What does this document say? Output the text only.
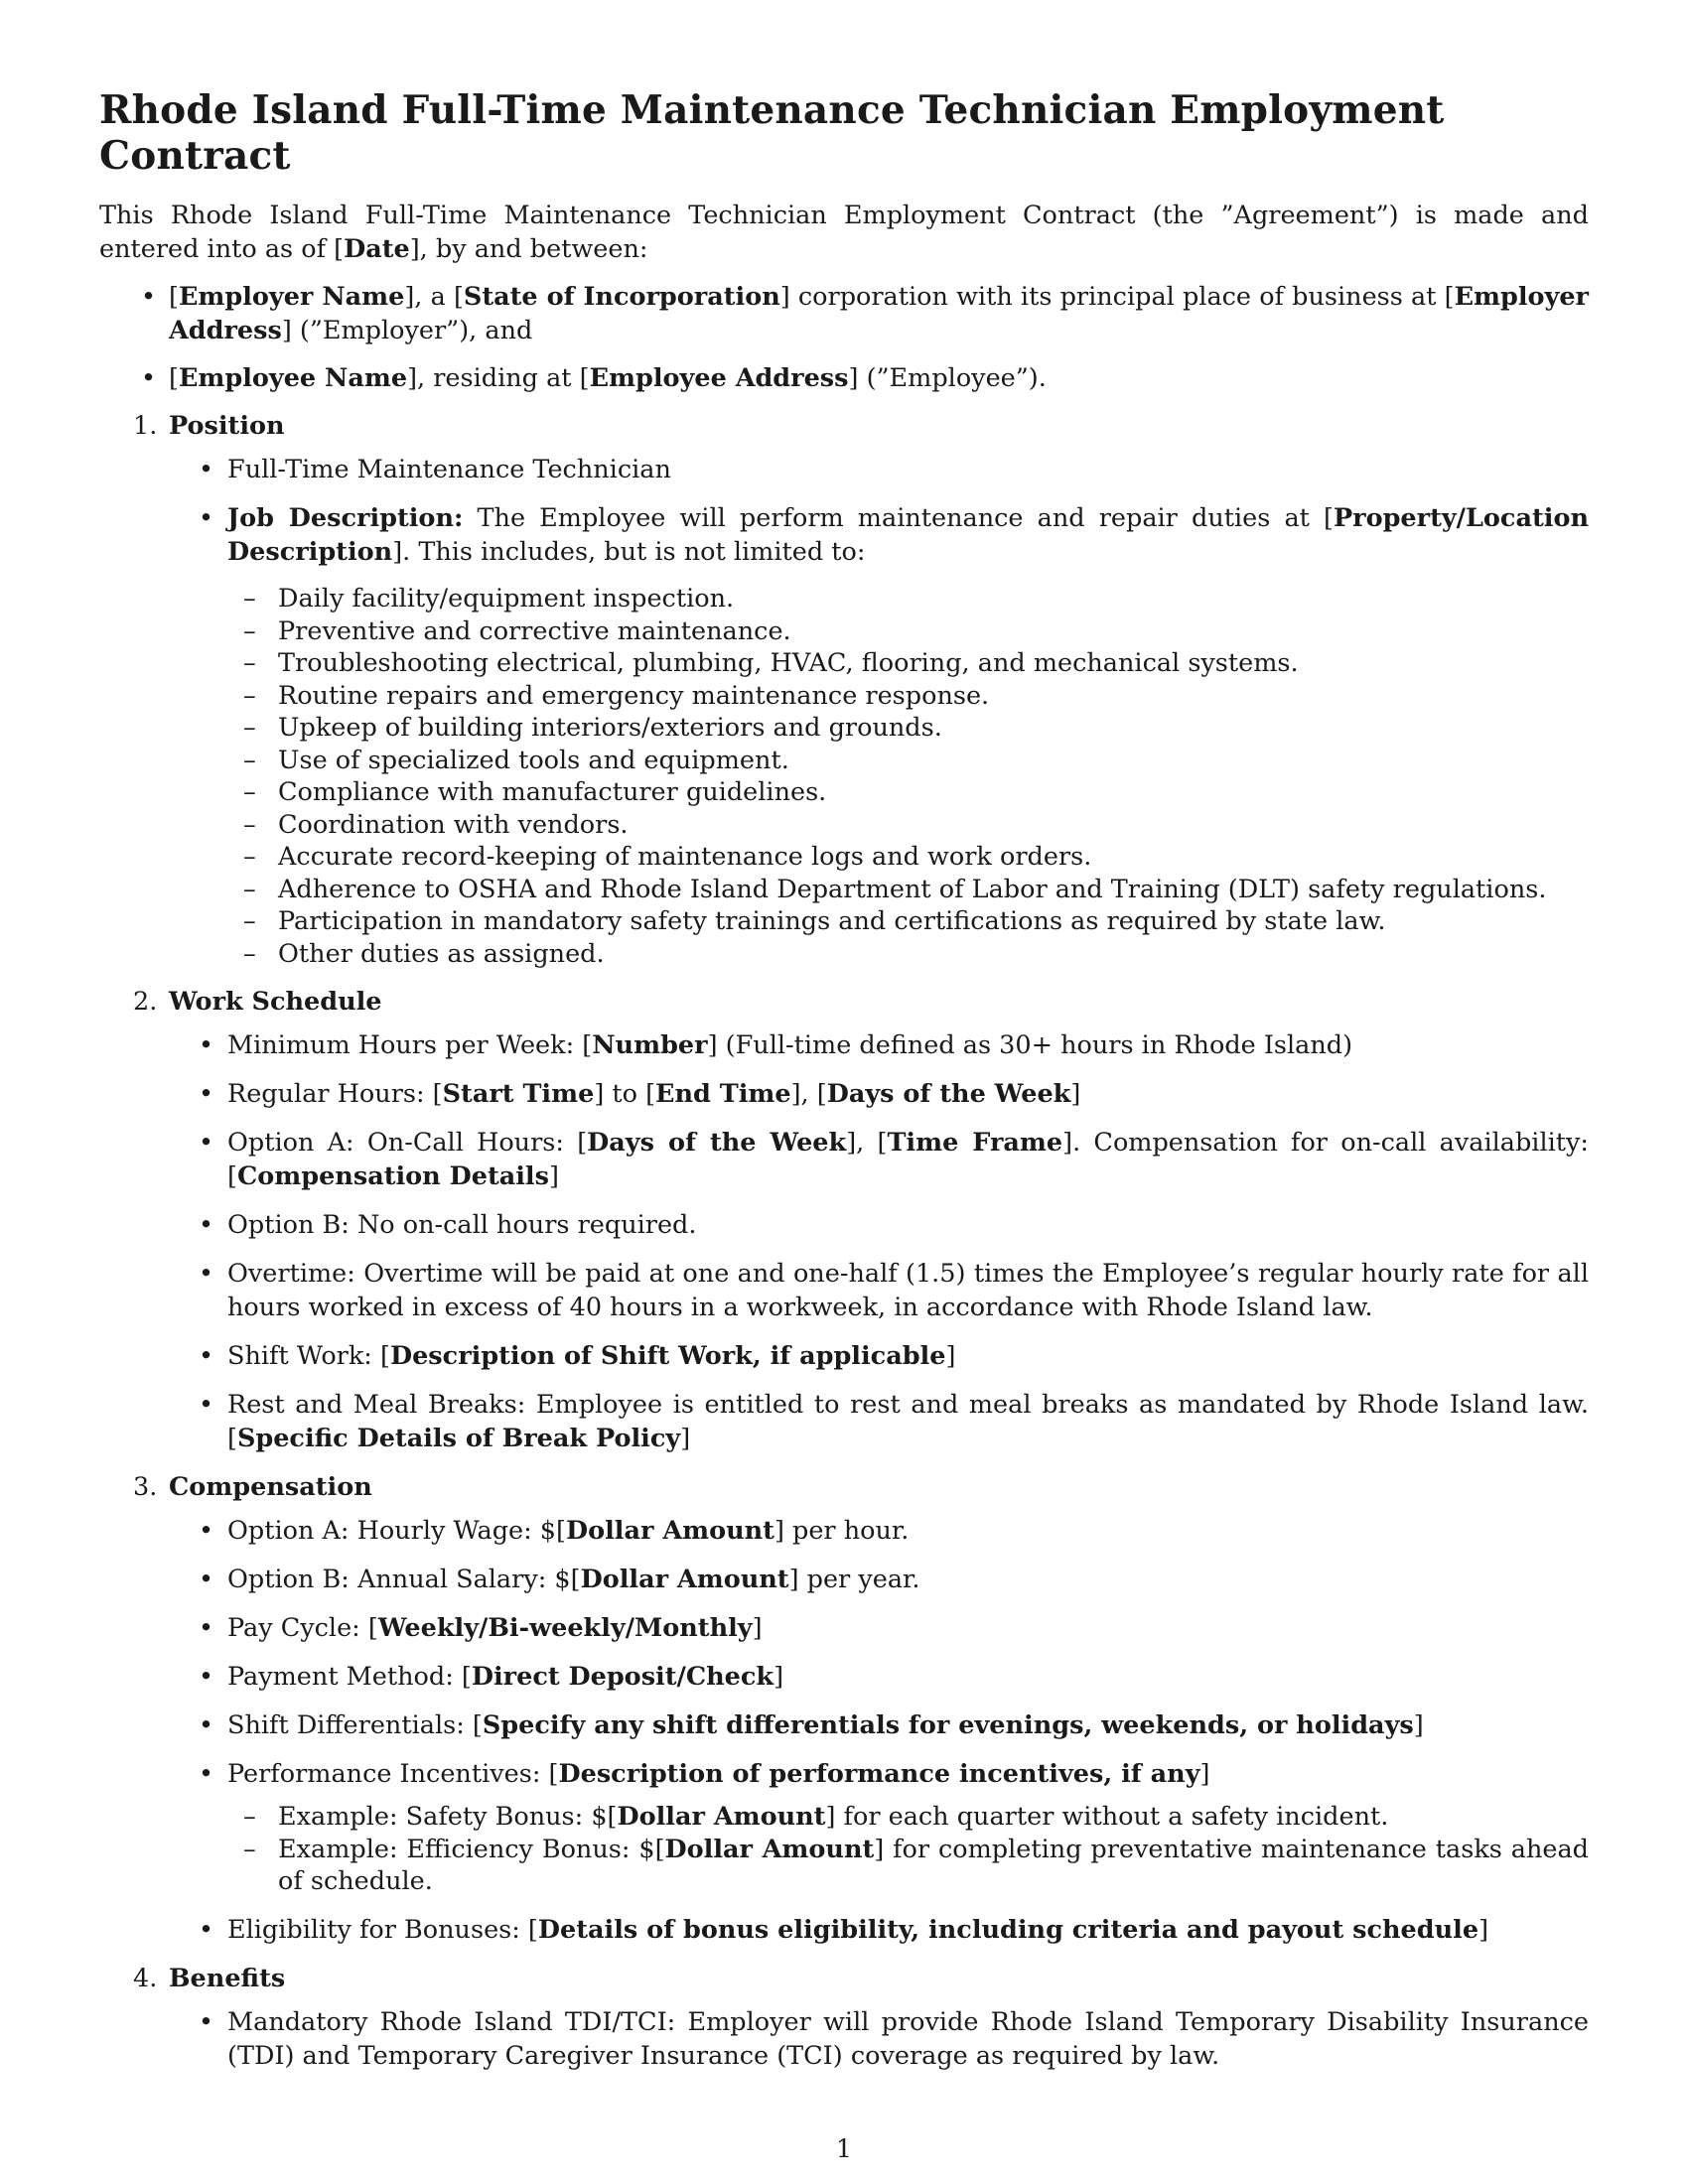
Rhode Island Full-Time Maintenance Technician Employment Contract

This Rhode Island Full-Time Maintenance Technician Employment Contract (the ”Agreement”) is made and entered into as of [Date], by and between:

• [Employer Name], a [State of Incorporation] corporation with its principal place of business at [Employer Address] (”Employer”), and
• [Employee Name], residing at [Employee Address] (”Employee”).
1. Position
• Full-Time Maintenance Technician
• Job Description: The Employee will perform maintenance and repair duties at [Property/Location Description]. This includes, but is not limited to:
– Daily facility/equipment inspection.
– Preventive and corrective maintenance.
– Troubleshooting electrical, plumbing, HVAC, flooring, and mechanical systems.
– Routine repairs and emergency maintenance response.
– Upkeep of building interiors/exteriors and grounds.
– Use of specialized tools and equipment.
– Compliance with manufacturer guidelines.
– Coordination with vendors.
– Accurate record-keeping of maintenance logs and work orders.
– Adherence to OSHA and Rhode Island Department of Labor and Training (DLT) safety regulations.
– Participation in mandatory safety trainings and certifications as required by state law.
– Other duties as assigned.
2. Work Schedule
• Minimum Hours per Week: [Number] (Full-time defined as 30+ hours in Rhode Island)
• Regular Hours: [Start Time] to [End Time], [Days of the Week]
• Option A: On-Call Hours: [Days of the Week], [Time Frame]. Compensation for on-call availability: [Compensation Details]
• Option B: No on-call hours required.
• Overtime: Overtime will be paid at one and one-half (1.5) times the Employee’s regular hourly rate for all hours worked in excess of 40 hours in a workweek, in accordance with Rhode Island law.
• Shift Work: [Description of Shift Work, if applicable]
• Rest and Meal Breaks: Employee is entitled to rest and meal breaks as mandated by Rhode Island law. [Specific Details of Break Policy]
3. Compensation
• Option A: Hourly Wage: $[Dollar Amount] per hour.
• Option B: Annual Salary: $[Dollar Amount] per year.
• Pay Cycle: [Weekly/Bi-weekly/Monthly]
• Payment Method: [Direct Deposit/Check]
• Shift Differentials: [Specify any shift differentials for evenings, weekends, or holidays]
• Performance Incentives: [Description of performance incentives, if any]
– Example: Safety Bonus: $[Dollar Amount] for each quarter without a safety incident.
– Example: Efficiency Bonus: $[Dollar Amount] for completing preventative maintenance tasks ahead of schedule.
• Eligibility for Bonuses: [Details of bonus eligibility, including criteria and payout schedule]
4. Benefits
• Mandatory Rhode Island TDI/TCI: Employer will provide Rhode Island Temporary Disability Insurance (TDI) and Temporary Caregiver Insurance (TCI) coverage as required by law.
1
